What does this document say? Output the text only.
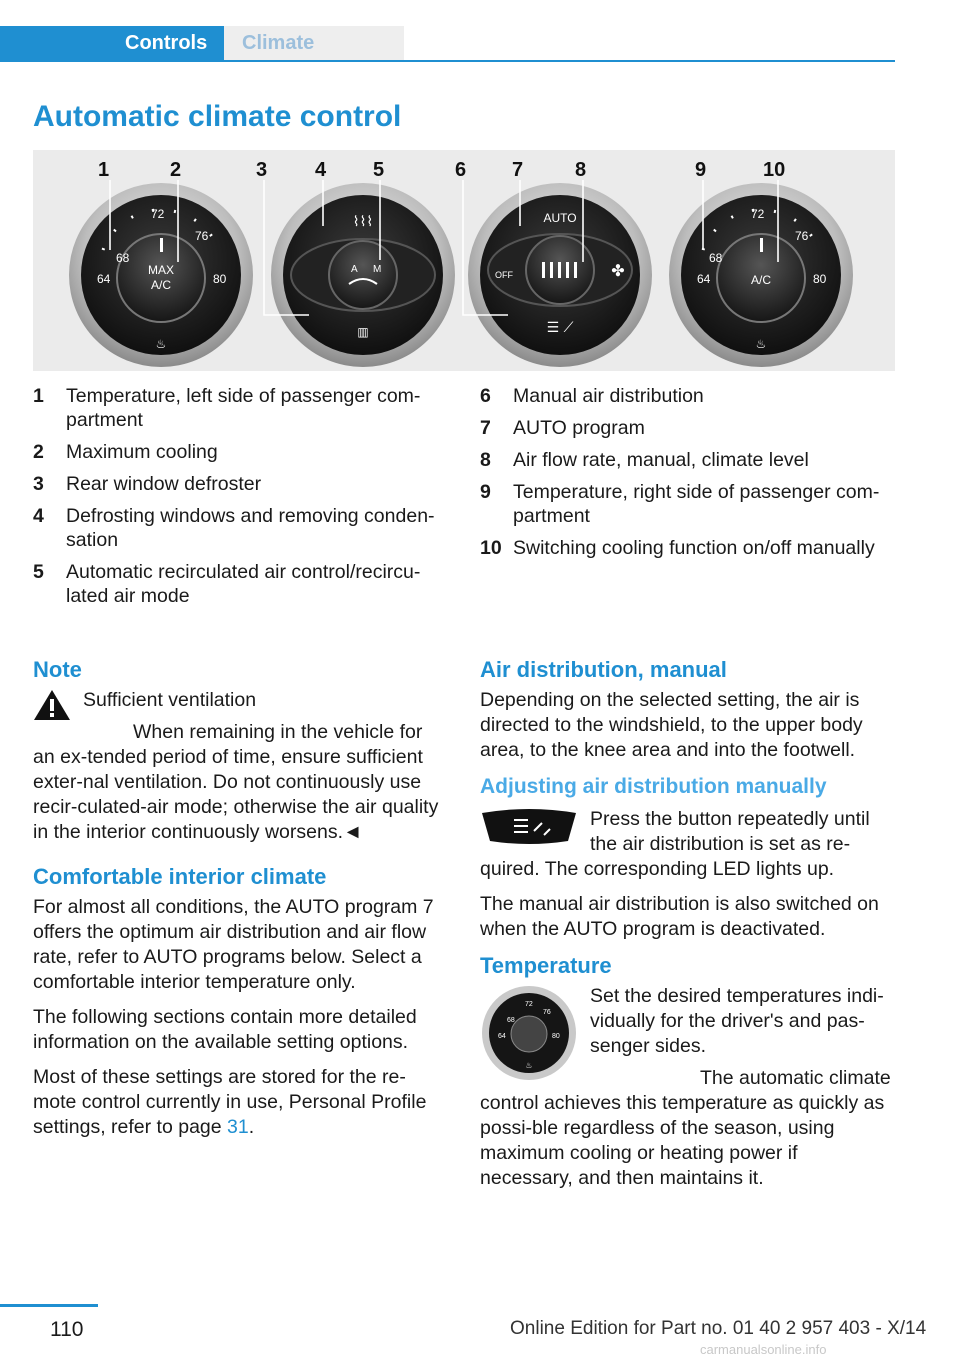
Controls	Climate
Automatic climate control
68
72
76
64	80
MAX
A/C
♨
A M
⌇⌇⌇
▥
AUTO
OFF	✤
☰ ⟋
68
72
76
64	80
A/C
♨
1	2	3 4 5	6 7	8	9	10
1	Temperature, left side of passenger com-partment
2	Maximum cooling
3	Rear window defroster
4	Defrosting windows and removing conden-sation
5	Automatic recirculated air control/recircu-lated air mode
6	Manual air distribution
7	AUTO program
8	Air flow rate, manual, climate level
9	Temperature, right side of passenger com-partment
10 Switching cooling function on/off manually
Note
Sufficient ventilation
When remaining in the vehicle for an ex-tended period of time, ensure sufficient exter-nal ventilation. Do not continuously use recir-culated-air mode; otherwise the air quality in the interior continuously worsens.◄
Comfortable interior climate

For almost all conditions, the AUTO program 7 offers the optimum air distribution and air flow rate, refer to AUTO programs below. Select a comfortable interior temperature only.

The following sections contain more detailed information on the available setting options.

Most of these settings are stored for the re-mote control currently in use, Personal Profile settings, refer to page 31.

Air distribution, manual

Depending on the selected setting, the air is directed to the windshield, to the upper body area, to the knee area and into the footwell.

Adjusting air distribution manually
Press the button repeatedly until the air distribution is set as re-quired. The corresponding LED lights up.

The manual air distribution is also switched on when the AUTO program is deactivated.

Temperature
68
72
76
64	80
♨
Set the desired temperatures indi-vidually for the driver's and pas-senger sides.
The automatic climate control achieves this temperature as quickly as possi-ble regardless of the season, using maximum cooling or heating power if necessary, and then maintains it.
110	Online Edition for Part no. 01 40 2 957 403 - X/14
carmanualsonline.info
